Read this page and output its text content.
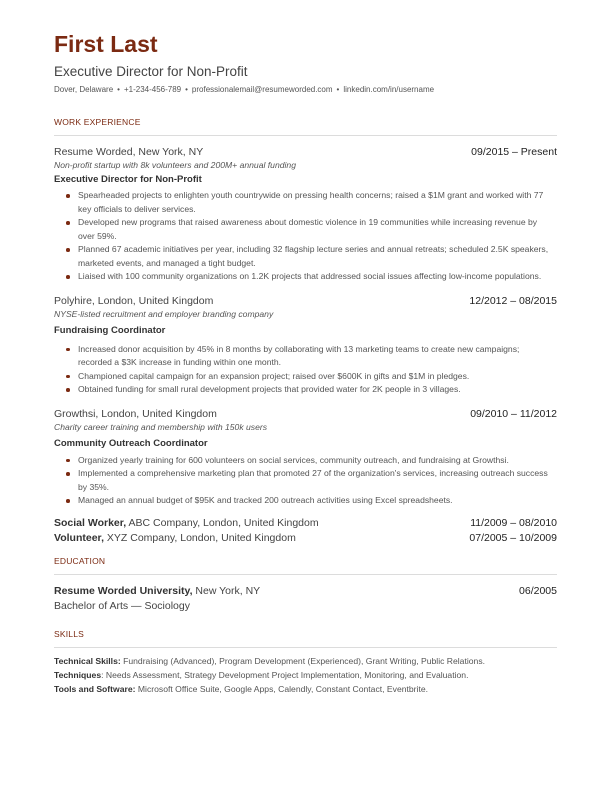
First Last
Executive Director for Non-Profit
Dover, Delaware • +1-234-456-789 • professionalemail@resumeworded.com • linkedin.com/in/username
WORK EXPERIENCE
Resume Worded, New York, NY	09/2015 – Present
Non-profit startup with 8k volunteers and 200M+ annual funding
Executive Director for Non-Profit
Spearheaded projects to enlighten youth countrywide on pressing health concerns; raised a $1M grant and worked with 77 key officials to deliver services.
Developed new programs that raised awareness about domestic violence in 19 communities while increasing revenue by over 59%.
Planned 67 academic initiatives per year, including 32 flagship lecture series and annual retreats; scheduled 2.5K speakers, marketed events, and managed a tight budget.
Liaised with 100 community organizations on 1.2K projects that addressed social issues affecting low-income populations.
Polyhire, London, United Kingdom	12/2012 – 08/2015
NYSE-listed recruitment and employer branding company
Fundraising Coordinator
Increased donor acquisition by 45% in 8 months by collaborating with 13 marketing teams to create new campaigns; recorded a $3K increase in funding within one month.
Championed capital campaign for an expansion project; raised over $600K in gifts and $1M in pledges.
Obtained funding for small rural development projects that provided water for 2K people in 3 villages.
Growthsi, London, United Kingdom	09/2010 – 11/2012
Charity career training and membership with 150k users
Community Outreach Coordinator
Organized yearly training for 600 volunteers on social services, community outreach, and fundraising at Growthsi.
Implemented a comprehensive marketing plan that promoted 27 of the organization's services, increasing outreach success by 35%.
Managed an annual budget of $95K and tracked 200 outreach activities using Excel spreadsheets.
Social Worker, ABC Company, London, United Kingdom	11/2009 – 08/2010
Volunteer, XYZ Company, London, United Kingdom	07/2005 – 10/2009
EDUCATION
Resume Worded University, New York, NY	06/2005
Bachelor of Arts — Sociology
SKILLS
Technical Skills: Fundraising (Advanced), Program Development (Experienced), Grant Writing, Public Relations.
Techniques: Needs Assessment, Strategy Development Project Implementation, Monitoring, and Evaluation.
Tools and Software: Microsoft Office Suite, Google Apps, Calendly, Constant Contact, Eventbrite.
